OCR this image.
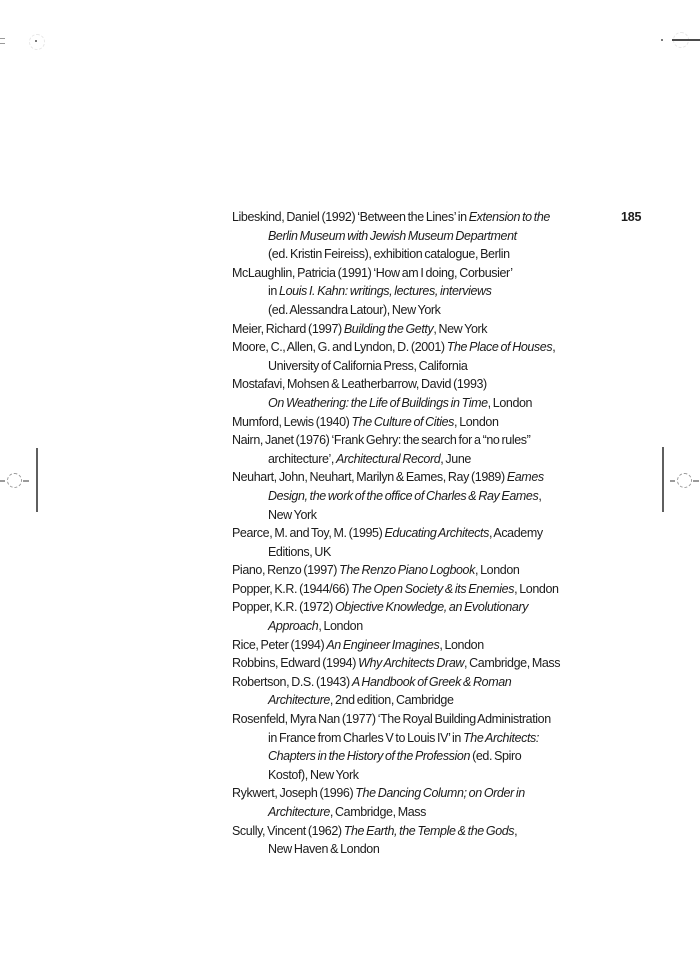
185
Libeskind, Daniel (1992) ‘Between the Lines’ in Extension to the
Berlin Museum with Jewish Museum Department
(ed. Kristin Feireiss), exhibition catalogue, Berlin
McLaughlin, Patricia (1991) ‘How am I doing, Corbusier’
in Louis I. Kahn: writings, lectures, interviews
(ed. Alessandra Latour), New York
Meier, Richard (1997) Building the Getty, New York
Moore, C., Allen, G. and Lyndon, D. (2001) The Place of Houses,
University of California Press, California
Mostafavi, Mohsen & Leatherbarrow, David (1993)
On Weathering: the Life of Buildings in Time, London
Mumford, Lewis (1940) The Culture of Cities, London
Nairn, Janet (1976) ‘Frank Gehry: the search for a “no rules”
architecture’, Architectural Record, June
Neuhart, John, Neuhart, Marilyn & Eames, Ray (1989) Eames
Design, the work of the office of Charles & Ray Eames,
New York
Pearce, M. and Toy, M. (1995) Educating Architects, Academy
Editions, UK
Piano, Renzo (1997) The Renzo Piano Logbook, London
Popper, K.R. (1944/66) The Open Society & its Enemies, London
Popper, K.R. (1972) Objective Knowledge, an Evolutionary
Approach, London
Rice, Peter (1994) An Engineer Imagines, London
Robbins, Edward (1994) Why Architects Draw, Cambridge, Mass
Robertson, D.S. (1943) A Handbook of Greek & Roman
Architecture, 2nd edition, Cambridge
Rosenfeld, Myra Nan (1977) ‘The Royal Building Administration
in France from Charles V to Louis IV’ in The Architects:
Chapters in the History of the Profession (ed. Spiro
Kostof), New York
Rykwert, Joseph (1996) The Dancing Column; on Order in
Architecture, Cambridge, Mass
Scully, Vincent (1962) The Earth, the Temple & the Gods,
New Haven & London
